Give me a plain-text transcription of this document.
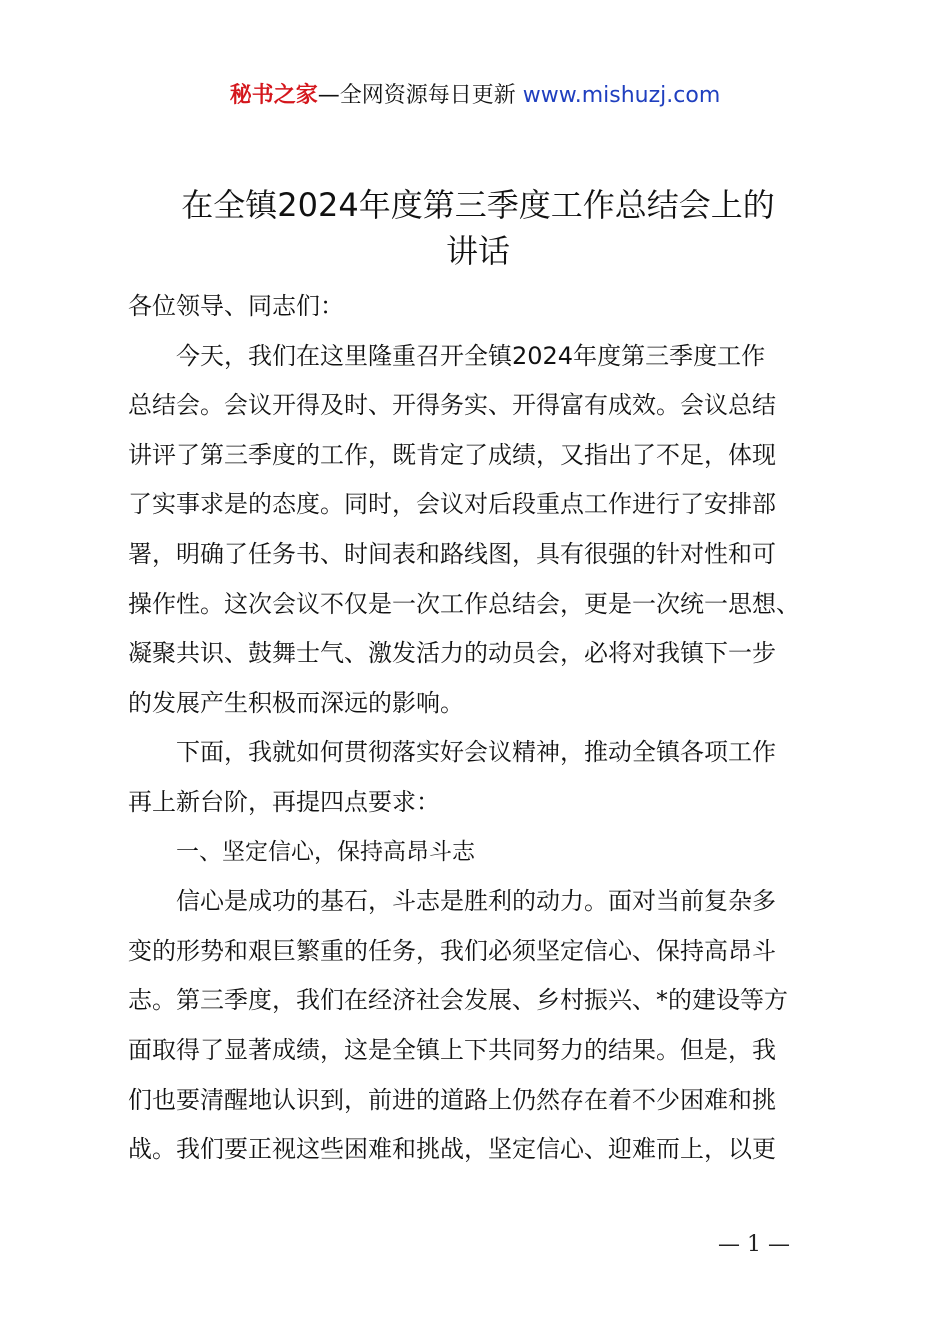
秘书之家—全网资源每日更新 www.mishuzj.com
在全镇2024年度第三季度工作总结会上的
讲话
各位领导、同志们：
今天，我们在这里隆重召开全镇2024年度第三季度工作
总结会。会议开得及时、开得务实、开得富有成效。会议总结
讲评了第三季度的工作，既肯定了成绩，又指出了不足，体现
了实事求是的态度。同时，会议对后段重点工作进行了安排部
署，明确了任务书、时间表和路线图，具有很强的针对性和可
操作性。这次会议不仅是一次工作总结会，更是一次统一思想、
凝聚共识、鼓舞士气、激发活力的动员会，必将对我镇下一步
的发展产生积极而深远的影响。
下面，我就如何贯彻落实好会议精神，推动全镇各项工作
再上新台阶，再提四点要求：
一、坚定信心，保持高昂斗志
信心是成功的基石，斗志是胜利的动力。面对当前复杂多
变的形势和艰巨繁重的任务，我们必须坚定信心、保持高昂斗
志。第三季度，我们在经济社会发展、乡村振兴、*的建设等方
面取得了显著成绩，这是全镇上下共同努力的结果。但是，我
们也要清醒地认识到，前进的道路上仍然存在着不少困难和挑
战。我们要正视这些困难和挑战，坚定信心、迎难而上，以更
— 1 —
